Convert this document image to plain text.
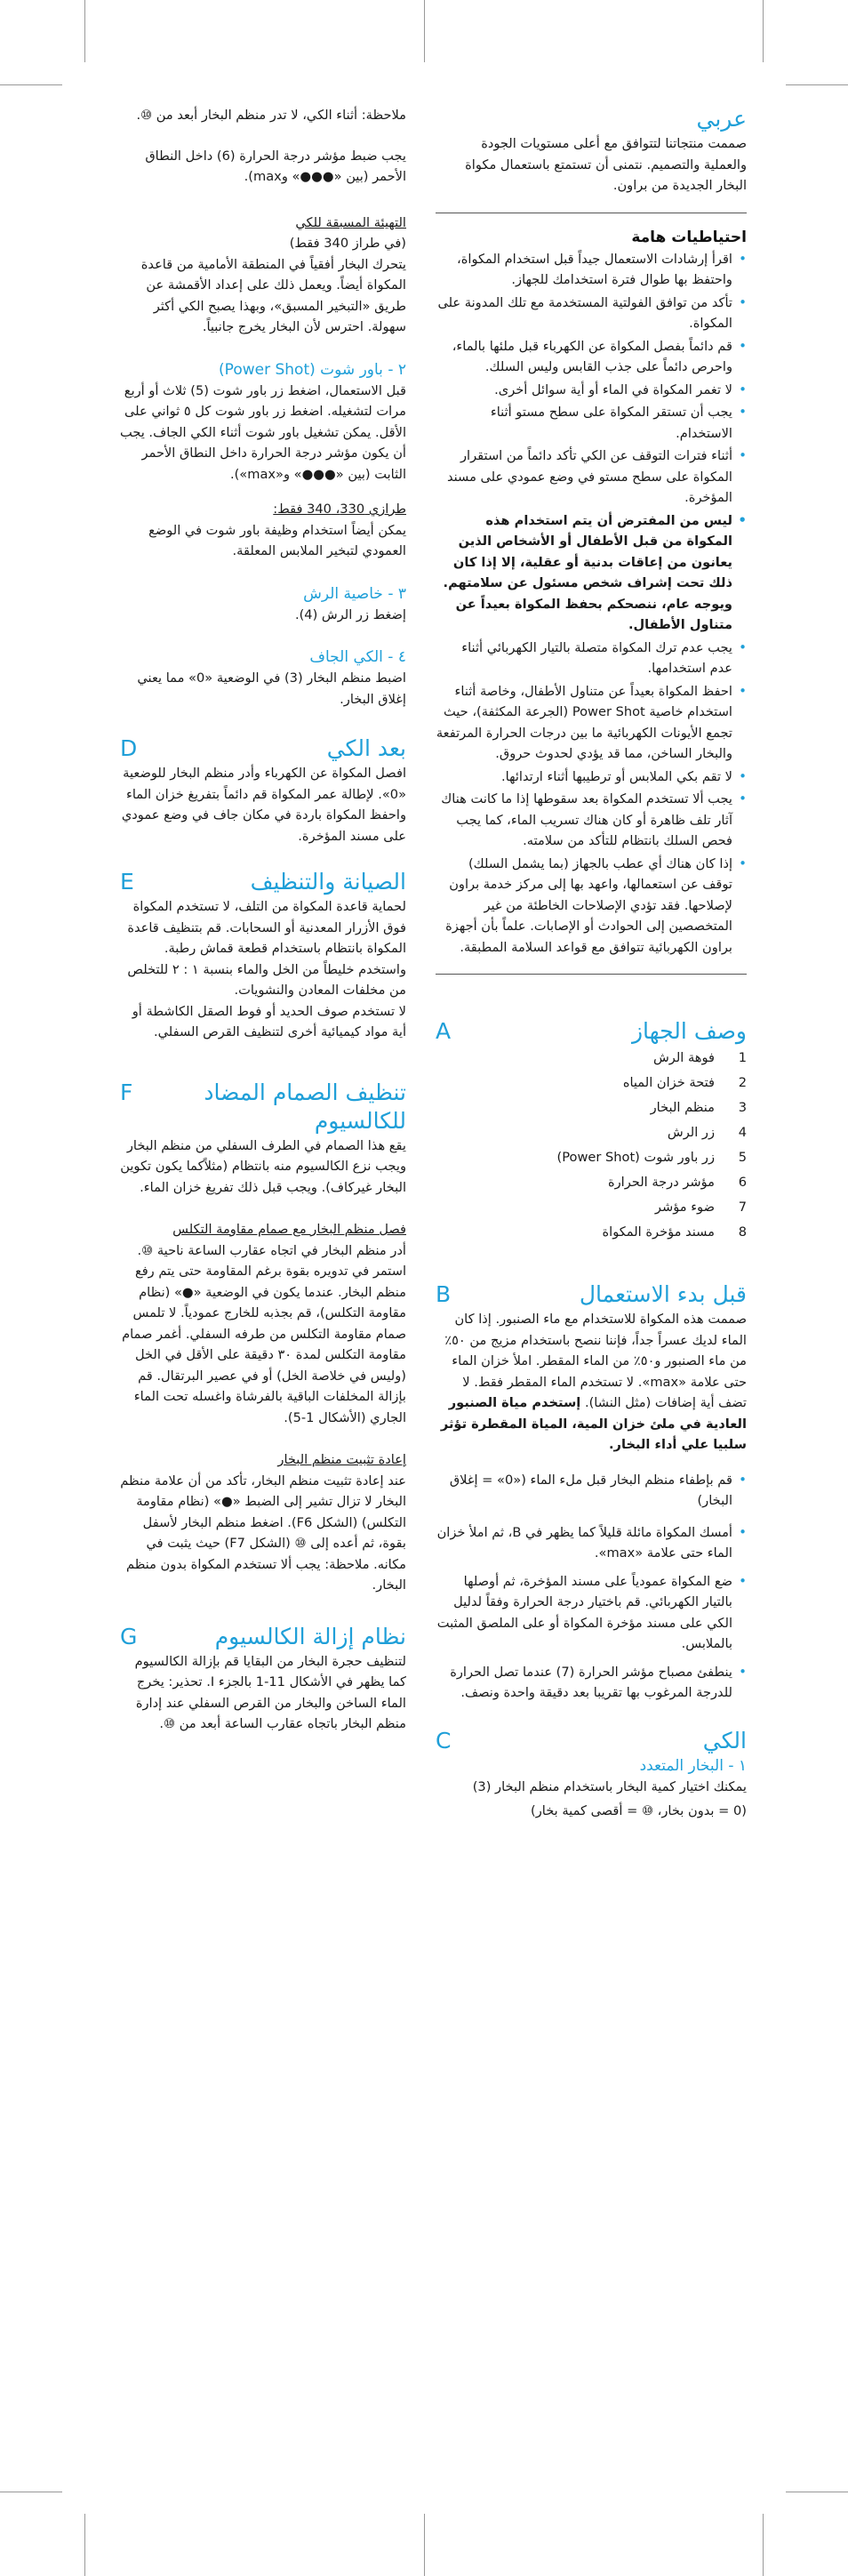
عربي

صممت منتجاتنا لتتوافق مع أعلى مستويات الجودة والعملية والتصميم. نتمنى أن تستمتع باستعمال مكواة البخار الجديدة من براون.

احتياطيات هامة
• اقرأ إرشادات الاستعمال جيداً قبل استخدام المكواة، واحتفظ بها طوال فترة استخدامك للجهاز.
• تأكد من توافق الفولتية المستخدمة مع تلك المدونة على المكواة.
• قم دائماً بفصل المكواة عن الكهرباء قبل ملئها بالماء، واحرص دائماً على جذب القابس وليس السلك.
• لا تغمر المكواة في الماء أو أية سوائل أخرى.
• يجب أن تستقر المكواة على سطح مستو أثناء الاستخدام.
• أثناء فترات التوقف عن الكي تأكد دائماً من استقرار المكواة على سطح مستو في وضع عمودي على مسند المؤخرة.
• ليس من المفترض أن يتم استخدام هذه المكواة من قبل الأطفال أو الأشخاص الذين يعانون من إعاقات بدنية أو عقلية، إلا إذا كان ذلك تحت إشراف شخص مسئول عن سلامتهم. ويوجه عام، ننصحكم بحفظ المكواة بعيداً عن متناول الأطفال.
• يجب عدم ترك المكواة متصلة بالتيار الكهربائي أثناء عدم استخدامها.
• احفظ المكواة بعيداً عن متناول الأطفال، وخاصة أثناء استخدام خاصية Power Shot (الجرعة المكثفة)، حيث تجمع الأيونات الكهربائية ما بين درجات الحرارة المرتفعة والبخار الساخن، مما قد يؤدي لحدوث حروق.
• لا تقم بكي الملابس أو ترطيبها أثناء ارتدائها.
• يجب ألا تستخدم المكواة بعد سقوطها إذا ما كانت هناك آثار تلف ظاهرة أو كان هناك تسريب الماء، كما يجب فحص السلك بانتظام للتأكد من سلامته.
• إذا كان هناك أي عطب بالجهاز (بما يشمل السلك) توقف عن استعمالها، واعهد بها إلى مركز خدمة براون لإصلاحها. فقد تؤدي الإصلاحات الخاطئة من غير المتخصصين إلى الحوادث أو الإصابات. علماً بأن أجهزة براون الكهربائية تتوافق مع قواعد السلامة المطبقة.
وصف الجهاز
A
1
فوهة الرش
2
فتحة خزان المياه
3
منظم البخار
4
زر الرش
5
زر باور شوت (Power Shot)
6
مؤشر درجة الحرارة
7
ضوء مؤشر
8
مسند مؤخرة المكواة
قبل بدء الاستعمال
B

صممت هذه المكواة للاستخدام مع ماء الصنبور. إذا كان الماء لديك عسراً جداً، فإننا ننصح باستخدام مزيج من ٥٠٪ من ماء الصنبور و٥٠٪ من الماء المقطر. املأ خزان الماء حتى علامة «max». لا تستخدم الماء المقطر فقط. لا تضف أية إضافات (مثل النشا). إستخدم مياة الصنبور العادية في ملئ خزان المية، المياة المقطرة تؤثر سلبيا علي أداء البخار.

• قم بإطفاء منظم البخار قبل ملء الماء («0» = إغلاق البخار)
• أمسك المكواة مائلة قليلاً كما يظهر في B، ثم املأ خزان الماء حتى علامة «max».
• ضع المكواة عمودياً على مسند المؤخرة، ثم أوصلها بالتيار الكهربائي. قم باختيار درجة الحرارة وفقاً لدليل الكي على مسند مؤخرة المكواة أو على الملصق المثبت بالملابس.
• ينطفئ مصباح مؤشر الحرارة (7) عندما تصل الحرارة للدرجة المرغوب بها تقريبا بعد دقيقة واحدة ونصف.
الكي
C
١ - البخار المتعدد

يمكنك اختيار كمية البخار باستخدام منظم البخار (3)

(0 = بدون بخار، ⑩ = أقصى كمية بخار)

ملاحظة: أثناء الكي، لا تدر منظم البخار أبعد من ⑩.

يجب ضبط مؤشر درجة الحرارة (6) داخل النطاق الأحمر (بين «●●●» وmax).

التهيئة المسبقة للكي
(في طراز 340 فقط)

يتحرك البخار أفقياً في المنطقة الأمامية من قاعدة المكواة أيضاً. ويعمل ذلك على إعداد الأقمشة عن طريق «التبخير المسبق»، وبهذا يصبح الكي أكثر سهولة. احترس لأن البخار يخرج جانبياً.

٢ - باور شوت (Power Shot)

قبل الاستعمال، اضغط زر باور شوت (5) ثلاث أو أربع مرات لتشغيله. اضغط زر باور شوت كل ٥ ثواني على الأقل. يمكن تشغيل باور شوت أثناء الكي الجاف. يجب أن يكون مؤشر درجة الحرارة داخل النطاق الأحمر الثابت (بين «●●●» و«max»).

طرازي 330، 340 فقط:

يمكن أيضاً استخدام وظيفة باور شوت في الوضع العمودي لتبخير الملابس المعلقة.

٣ - خاصية الرش

إضغط زر الرش (4).

٤ - الكي الجاف

اضبط منظم البخار (3) في الوضعية «0» مما يعني إغلاق البخار.

بعد الكي
D

افصل المكواة عن الكهرباء وأدر منظم البخار للوضعية «0». لإطالة عمر المكواة قم دائماً بتفريغ خزان الماء واحفظ المكواة باردة في مكان جاف في وضع عمودي على مسند المؤخرة.

الصيانة والتنظيف
E

لحماية قاعدة المكواة من التلف، لا تستخدم المكواة فوق الأزرار المعدنية أو السحابات. قم بتنظيف قاعدة المكواة بانتظام باستخدام قطعة قماش رطبة. واستخدم خليطاً من الخل والماء بنسبة ١ : ٢ للتخلص من مخلفات المعادن والنشويات.

لا تستخدم صوف الحديد أو فوط الصقل الكاشطة أو أية مواد كيميائية أخرى لتنظيف القرص السفلي.

تنظيف الصمام المضاد للكالسيوم
F

يقع هذا الصمام في الطرف السفلي من منظم البخار ويجب نزع الكالسيوم منه بانتظام (مثلاًكما يكون تكوين البخار غيركاف). ويجب قبل ذلك تفريغ خزان الماء.

فصل منظم البخار مع صمام مقاومة التكلس

أدر منظم البخار في اتجاه عقارب الساعة ناحية ⑩. استمر في تدويره بقوة برغم المقاومة حتى يتم رفع منظم البخار. عندما يكون في الوضعية «●» (نظام مقاومة التكلس)، قم بجذبه للخارج عمودياً. لا تلمس صمام مقاومة التكلس من طرفه السفلي. أغمر صمام مقاومة التكلس لمدة ٣٠ دقيقة على الأقل في الخل (وليس في خلاصة الخل) أو في عصير البرتقال. قم بإزالة المخلفات الباقية بالفرشاة واغسله تحت الماء الجاري (الأشكال 1-5).

إعادة تثبيت منظم البخار

عند إعادة تثبيت منظم البخار، تأكد من أن علامة منظم البخار لا تزال تشير إلى الضبط «●» (نظام مقاومة التكلس) (الشكل F6). اضغط منظم البخار لأسفل بقوة، ثم أعده إلى ⑩ (الشكل F7) حيث يثبت في مكانه. ملاحظة: يجب ألا تستخدم المكواة بدون منظم البخار.

نظام إزالة الكالسيوم
G

لتنظيف حجرة البخار من البقايا قم بإزالة الكالسيوم كما يظهر في الأشكال 11-1 بالجزء I. تحذير: يخرج الماء الساخن والبخار من القرص السفلي عند إدارة منظم البخار باتجاه عقارب الساعة أبعد من ⑩.
